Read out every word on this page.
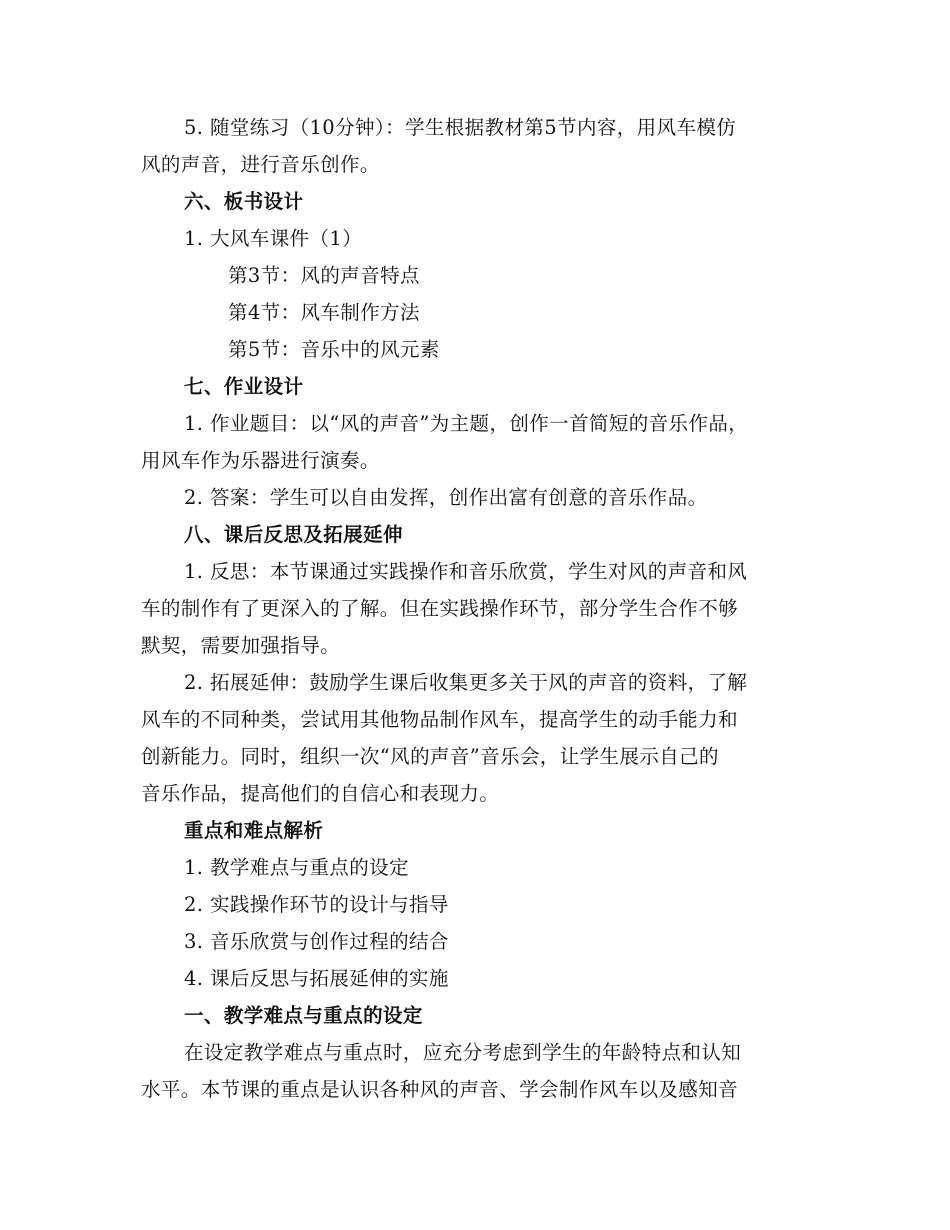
5. 随堂练习（10分钟）：学生根据教材第5节内容，用风车模仿
风的声音，进行音乐创作。
六、板书设计
1. 大风车课件（1）
第3节：风的声音特点
第4节：风车制作方法
第5节：音乐中的风元素
七、作业设计
1. 作业题目：以“风的声音”为主题，创作一首简短的音乐作品，
用风车作为乐器进行演奏。
2. 答案：学生可以自由发挥，创作出富有创意的音乐作品。
八、课后反思及拓展延伸
1. 反思：本节课通过实践操作和音乐欣赏，学生对风的声音和风
车的制作有了更深入的了解。但在实践操作环节，部分学生合作不够
默契，需要加强指导。
2. 拓展延伸：鼓励学生课后收集更多关于风的声音的资料，了解
风车的不同种类，尝试用其他物品制作风车，提高学生的动手能力和
创新能力。同时，组织一次“风的声音”音乐会，让学生展示自己的
音乐作品，提高他们的自信心和表现力。
重点和难点解析
1. 教学难点与重点的设定
2. 实践操作环节的设计与指导
3. 音乐欣赏与创作过程的结合
4. 课后反思与拓展延伸的实施
一、教学难点与重点的设定
在设定教学难点与重点时，应充分考虑到学生的年龄特点和认知
水平。本节课的重点是认识各种风的声音、学会制作风车以及感知音
